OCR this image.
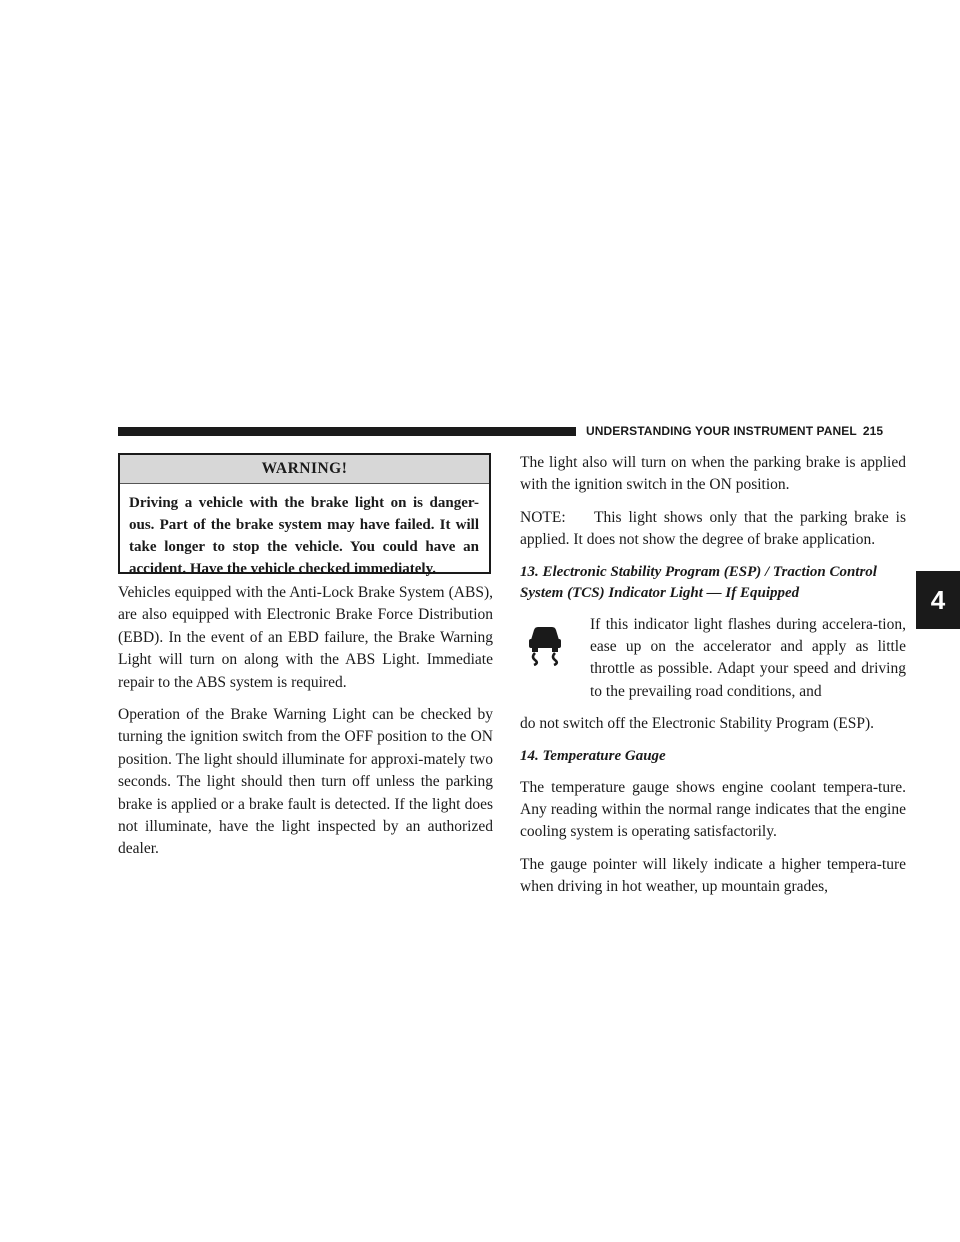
UNDERSTANDING YOUR INSTRUMENT PANEL 215
4
WARNING!
Driving a vehicle with the brake light on is danger-ous. Part of the brake system may have failed. It will take longer to stop the vehicle. You could have an accident. Have the vehicle checked immediately.

Vehicles equipped with the Anti-Lock Brake System (ABS), are also equipped with Electronic Brake Force Distribution (EBD). In the event of an EBD failure, the Brake Warning Light will turn on along with the ABS Light. Immediate repair to the ABS system is required.

Operation of the Brake Warning Light can be checked by turning the ignition switch from the OFF position to the ON position. The light should illuminate for approxi-mately two seconds. The light should then turn off unless the parking brake is applied or a brake fault is detected. If the light does not illuminate, have the light inspected by an authorized dealer.

The light also will turn on when the parking brake is applied with the ignition switch in the ON position.

NOTE: This light shows only that the parking brake is applied. It does not show the degree of brake application.

13. Electronic Stability Program (ESP) / Traction Control System (TCS) Indicator Light — If Equipped

If this indicator light flashes during accelera-tion, ease up on the accelerator and apply as little throttle as possible. Adapt your speed and driving to the prevailing road conditions, and

do not switch off the Electronic Stability Program (ESP).

14. Temperature Gauge

The temperature gauge shows engine coolant tempera-ture. Any reading within the normal range indicates that the engine cooling system is operating satisfactorily.

The gauge pointer will likely indicate a higher tempera-ture when driving in hot weather, up mountain grades,
